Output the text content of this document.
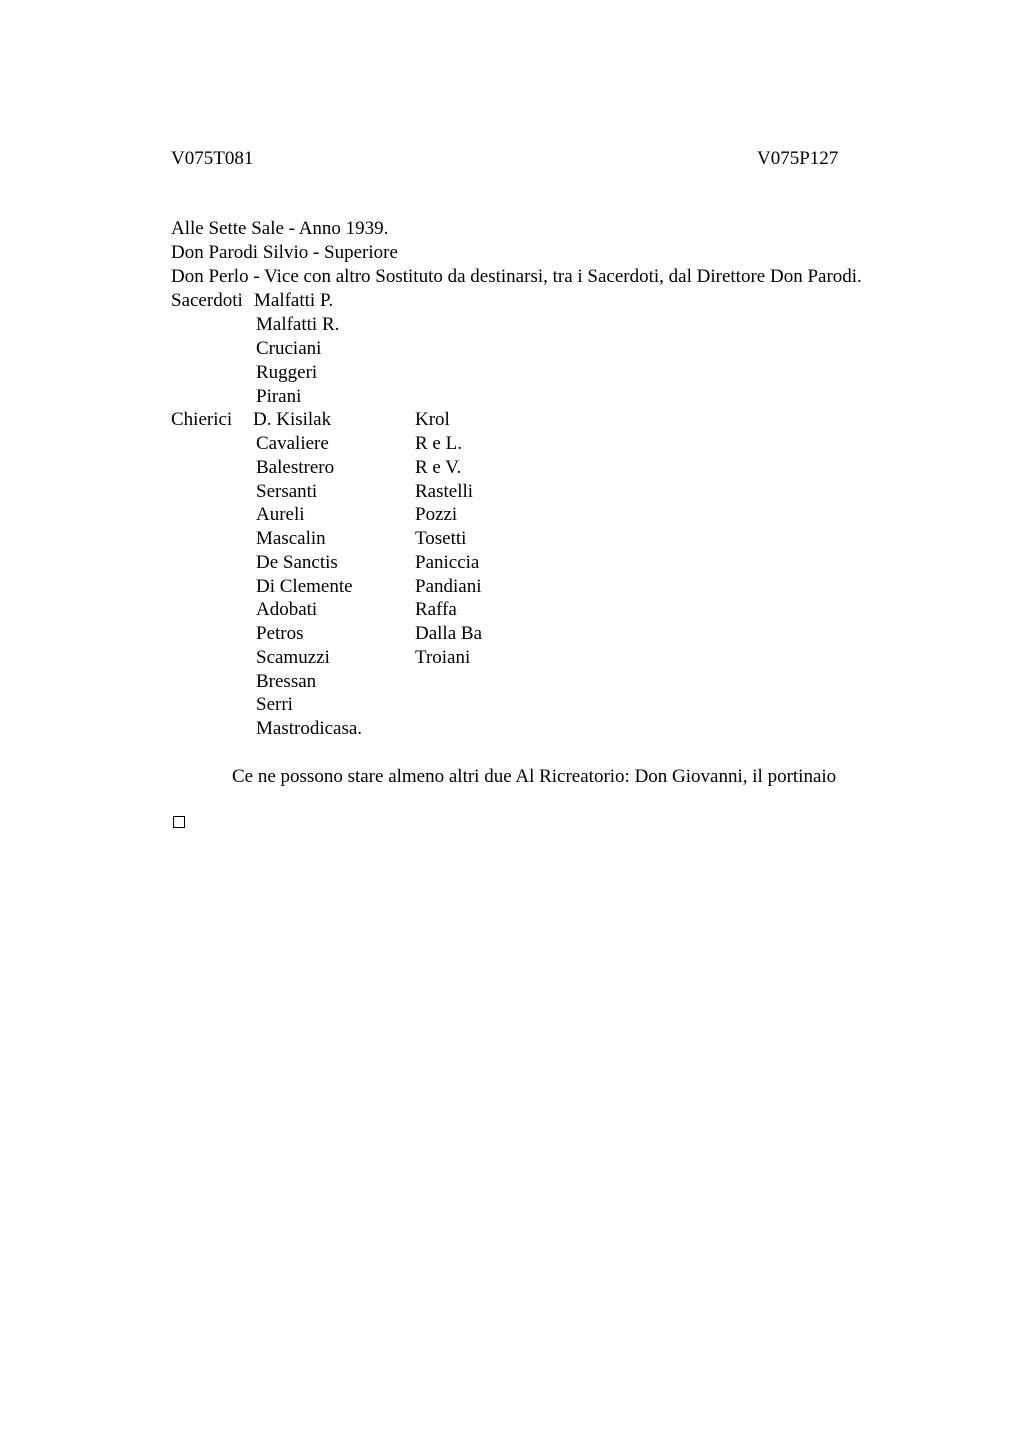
V075T081	V075P127
Alle Sette Sale - Anno 1939.
Don Parodi Silvio - Superiore
Don Perlo - Vice con altro Sostituto da destinarsi, tra i Sacerdoti, dal Direttore Don Parodi.
Sacerdoti Malfatti P.
Malfatti R.
Cruciani
Ruggeri
Pirani
Chierici D. Kisilak
Cavaliere
Balestrero
Sersanti
Aureli
Mascalin
De Sanctis
Di Clemente
Adobati
Petros
Scamuzzi
Bressan
Serri
Mastrodicasa.
Krol
R e L.
R e V.
Rastelli
Pozzi
Tosetti
Paniccia
Pandiani
Raffa
Dalla Ba
Troiani
Ce ne possono stare almeno altri due Al Ricreatorio: Don Giovanni, il portinaio
